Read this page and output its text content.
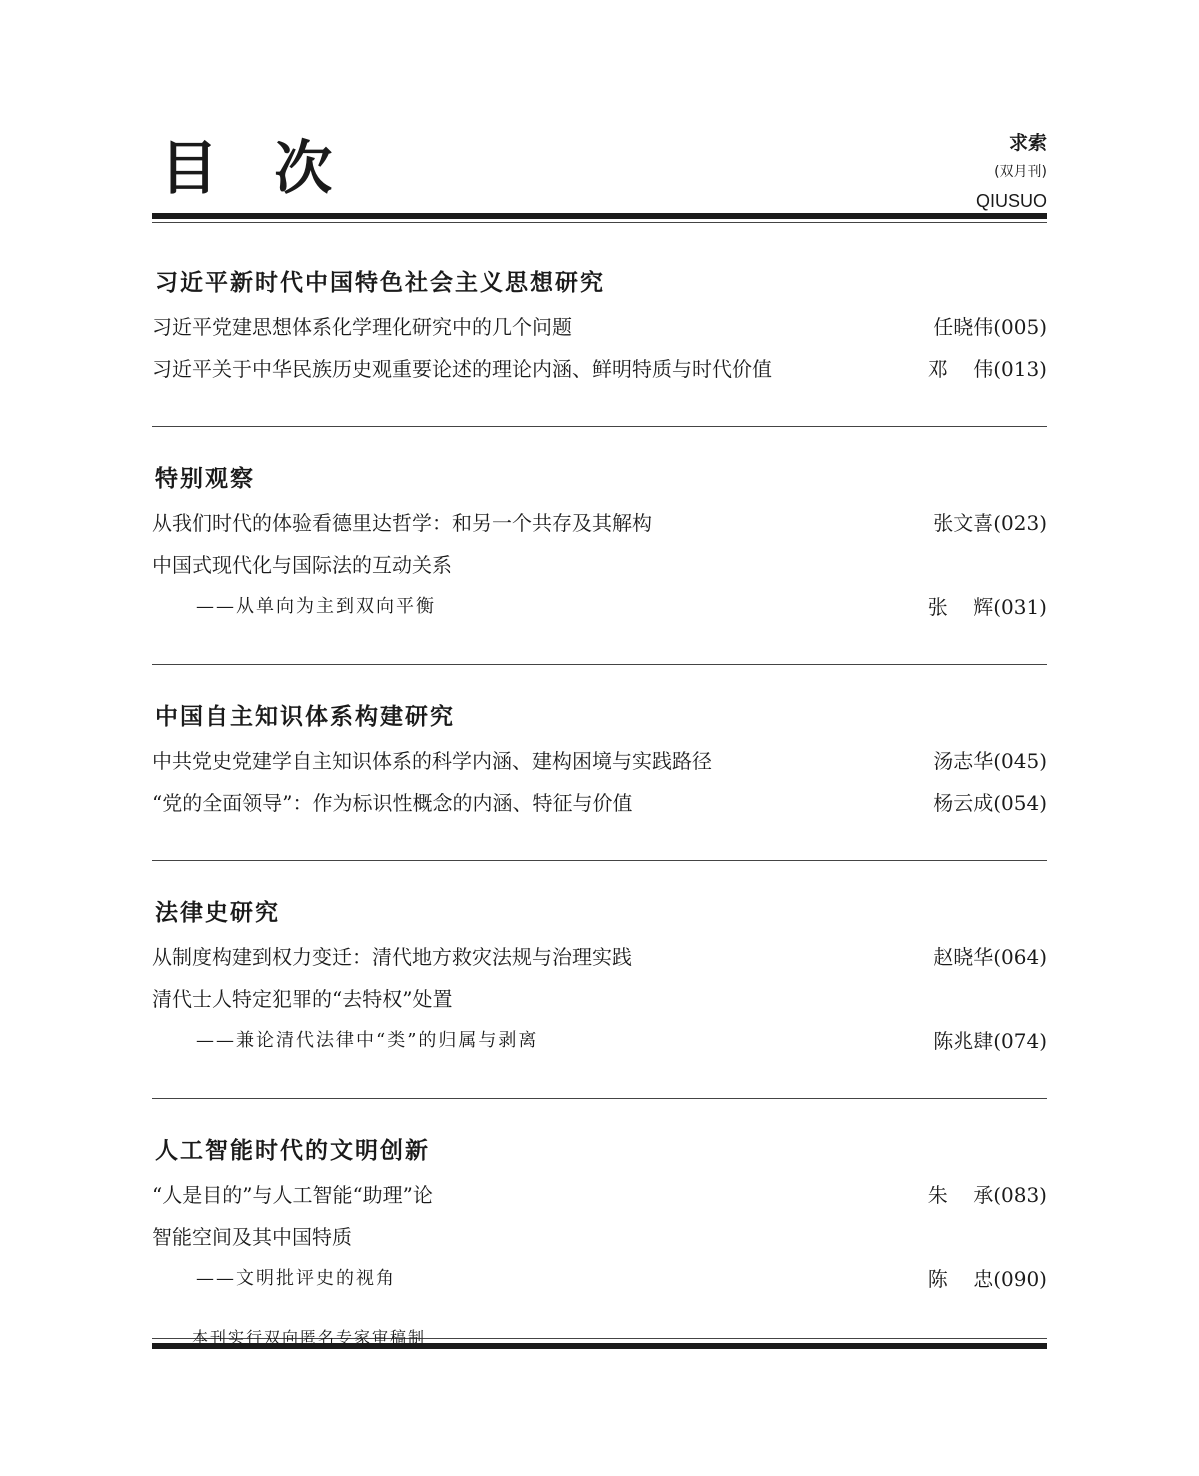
目 次	求索
(双月刊)
QIUSUO
习近平新时代中国特色社会主义思想研究
习近平党建思想体系化学理化研究中的几个问题	任晓伟(005)
习近平关于中华民族历史观重要论述的理论内涵、鲜明特质与时代价值	邓    伟(013)
特别观察
从我们时代的体验看德里达哲学：和另一个共存及其解构	张文喜(023)
中国式现代化与国际法的互动关系
——从单向为主到双向平衡	张    辉(031)
中国自主知识体系构建研究
中共党史党建学自主知识体系的科学内涵、建构困境与实践路径	汤志华(045)
“党的全面领导”：作为标识性概念的内涵、特征与价值	杨云成(054)
法律史研究
从制度构建到权力变迁：清代地方救灾法规与治理实践	赵晓华(064)
清代士人特定犯罪的“去特权”处置
——兼论清代法律中“类”的归属与剥离	陈兆肆(074)
人工智能时代的文明创新
“人是目的”与人工智能“助理”论	朱    承(083)
智能空间及其中国特质
——文明批评史的视角	陈    忠(090)
本刊实行双向匿名专家审稿制
